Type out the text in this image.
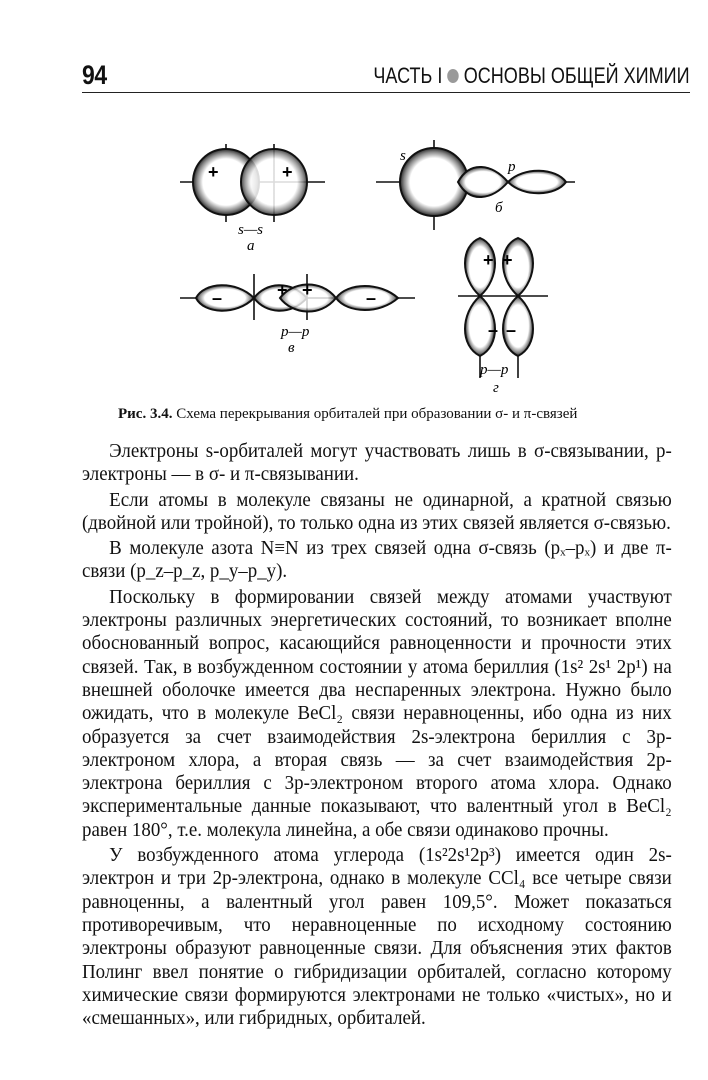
94	ЧАСТЬ I ОСНОВЫ ОБЩЕЙ ХИМИИ
+	+
s—s
а
s
p
б
–	+ +	–
p—p
в
+ +
– –
p—p
г
Рис. 3.4. Схема перекрывания орбиталей при образовании σ- и π-связей

Электроны s-орбиталей могут участвовать лишь в σ-связывании, p-электроны — в σ- и π-связывании.

Если атомы в молекуле связаны не одинарной, а кратной связью (двойной или тройной), то только одна из этих связей является σ-связью.

В молекуле азота N≡N из трех связей одна σ-связь (pₓ–pₓ) и две π-связи (p_z–p_z, p_y–p_y).

Поскольку в формировании связей между атомами участвуют электроны различных энергетических состояний, то возникает вполне обоснованный вопрос, касающийся равноценности и прочности этих связей. Так, в возбужденном состоянии у атома бериллия (1s² 2s¹ 2p¹) на внешней оболочке имеется два неспаренных электрона. Нужно было ожидать, что в молекуле BeCl₂ связи неравноценны, ибо одна из них образуется за счет взаимодействия 2s-электрона бериллия с 3p-электроном хлора, а вторая связь — за счет взаимодействия 2p-электрона бериллия с 3p-электроном второго атома хлора. Однако экспериментальные данные показывают, что валентный угол в BeCl₂ равен 180°, т.е. молекула линейна, а обе связи одинаково прочны.

У возбужденного атома углерода (1s²2s¹2p³) имеется один 2s-электрон и три 2p-электрона, однако в молекуле CCl₄ все четыре связи равноценны, а валентный угол равен 109,5°. Может показаться противоречивым, что неравноценные по исходному состоянию электроны образуют равноценные связи. Для объяснения этих фактов Полинг ввел понятие о гибридизации орбиталей, согласно которому химические связи формируются электронами не только «чистых», но и «смешанных», или гибридных, орбиталей.
